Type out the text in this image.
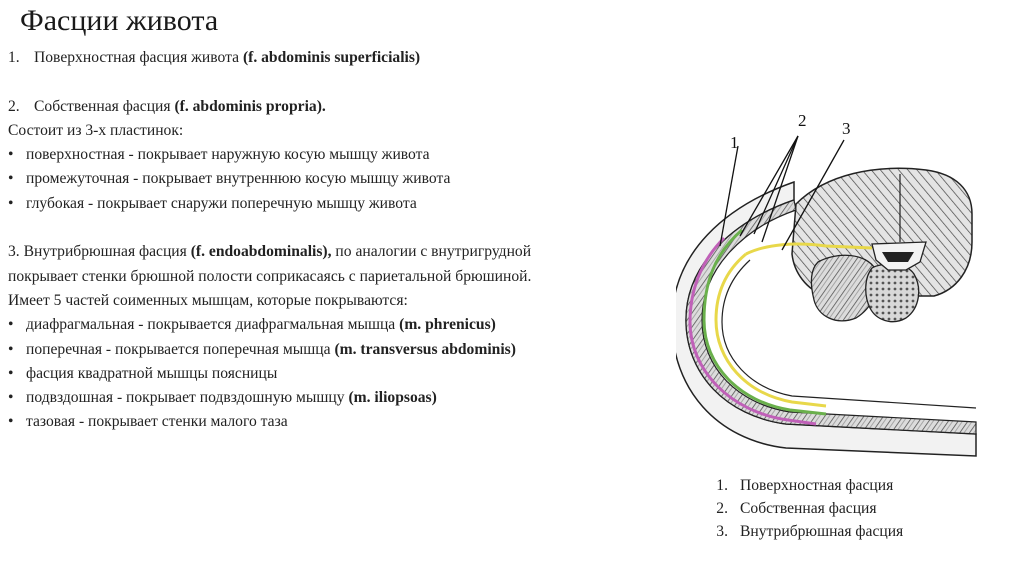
Фасции живота
1. Поверхностная фасция живота (f. abdominis superficialis)
2. Собственная фасция (f. abdominis propria).
Состоит из 3-х пластинок:
• поверхностная - покрывает наружную косую мышцу живота
• промежуточная - покрывает внутреннюю косую мышцу живота
• глубокая - покрывает снаружи поперечную мышцу живота
3. Внутрибрюшная фасция (f. endoabdominalis), по аналогии с внутригрудной
покрывает стенки брюшной полости соприкасаясь с париетальной брюшиной.
Имеет 5 частей соименных мышцам, которые покрываются:
• диафрагмальная - покрывается диафрагмальная мышца (m. phrenicus)
• поперечная - покрывается поперечная мышца (m. transversus abdominis)
• фасция квадратной мышцы поясницы
• подвздошная - покрывает подвздошную мышцу (m. iliopsoas)
• тазовая - покрывает стенки малого таза
1
2 3
1. Поверхностная фасция
2. Собственная фасция
3. Внутрибрюшная фасция
